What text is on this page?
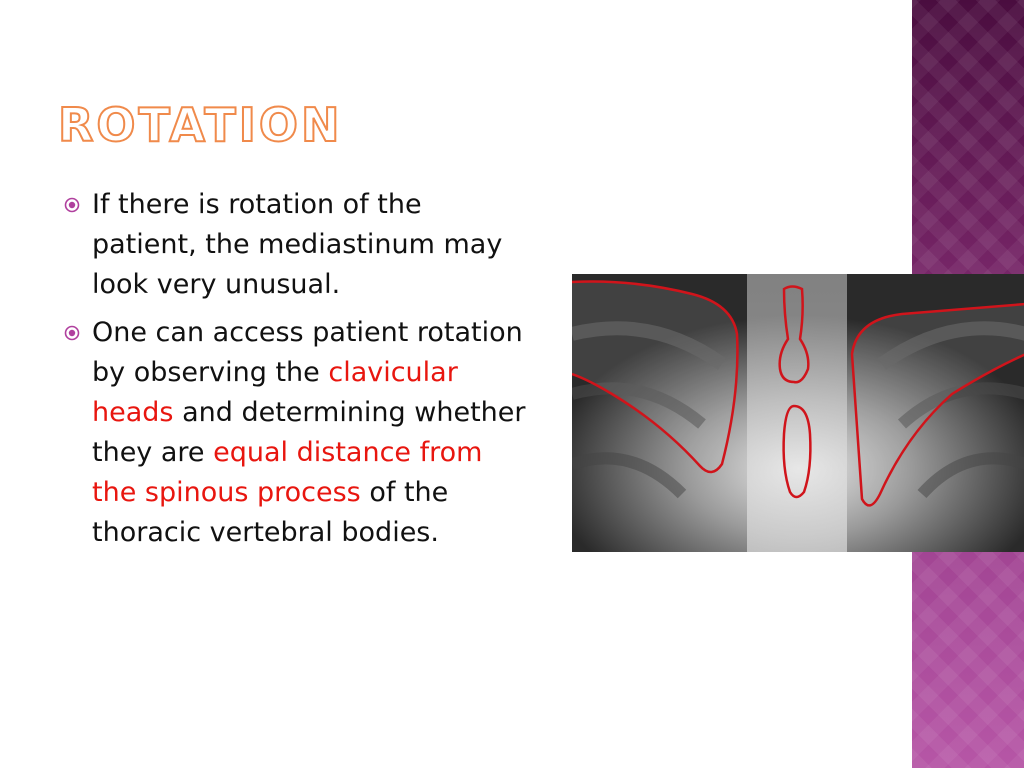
ROTATION

If there is rotation of the patient, the mediastinum may look very unusual.

One can access patient rotation by observing the clavicular heads and determining whether they are equal distance from the spinous process of the thoracic vertebral bodies.
